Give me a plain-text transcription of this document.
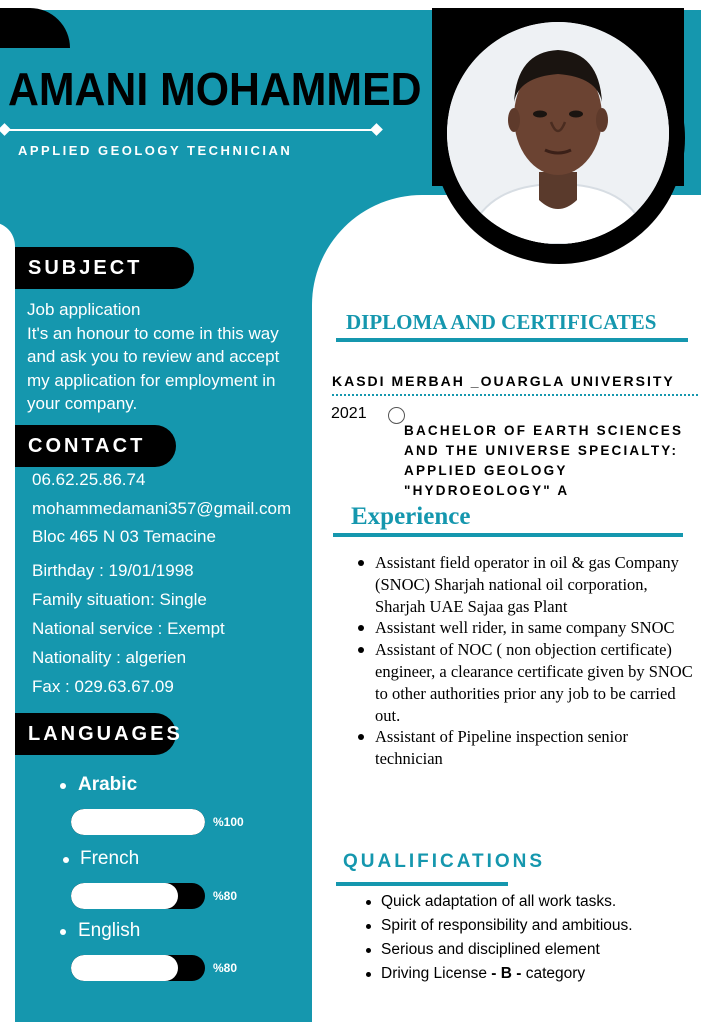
AMANI MOHAMMED
APPLIED GEOLOGY TECHNICIAN
SUBJECT
Job application
It's an honour to come in this way and ask you to review and accept my application for employment in your company.
CONTACT
06.62.25.86.74
mohammedamani357@gmail.com
Bloc 465 N 03 Temacine
Birthday : 19/01/1998
Family situation: Single
National service : Exempt
Nationality : algerien
Fax : 029.63.67.09
LANGUAGES
Arabic
%100
French
%80
English
%80
DIPLOMA AND CERTIFICATES
KASDI MERBAH _OUARGLA UNIVERSITY
2021
BACHELOR OF EARTH SCIENCES AND THE UNIVERSE SPECIALTY: APPLIED GEOLOGY "HYDROEOLOGY" A
Experience
Assistant field operator in oil & gas Company (SNOC) Sharjah national oil corporation, Sharjah UAE Sajaa gas Plant
Assistant well rider, in same company SNOC
Assistant of NOC ( non objection certificate) engineer, a clearance certificate given by SNOC to other authorities prior any job to be carried out.
Assistant of Pipeline inspection senior technician
QUALIFICATIONS
Quick adaptation of all work tasks.
Spirit of responsibility and ambitious.
Serious and disciplined element
Driving License - B - category
